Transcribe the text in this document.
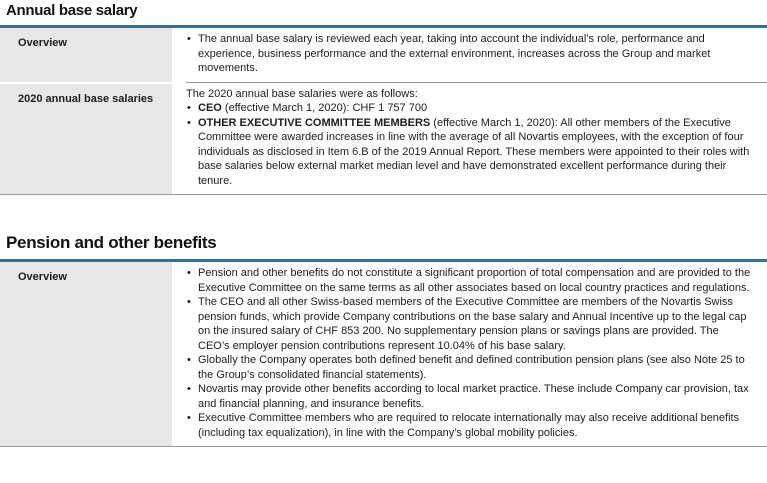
Annual base salary
Overview	• The annual base salary is reviewed each year, taking into account the individual’s role, performance and experience, business performance and the external environment, increases across the Group and market movements.
2020 annual base salaries	The 2020 annual base salaries were as follows:

• CEO (effective March 1, 2020): CHF 1 757 700
• OTHER EXECUTIVE COMMITTEE MEMBERS (effective March 1, 2020): All other members of the Executive Committee were awarded increases in line with the average of all Novartis employees, with the exception of four individuals as disclosed in Item 6.B of the 2019 Annual Report. These members were appointed to their roles with base salaries below external market median level and have demonstrated excellent performance during their tenure.
Pension and other benefits
Overview	• Pension and other benefits do not constitute a significant proportion of total compensation and are provided to the Executive Committee on the same terms as all other associates based on local country practices and regulations.
• The CEO and all other Swiss-based members of the Executive Committee are members of the Novartis Swiss pension funds, which provide Company contributions on the base salary and Annual Incentive up to the legal cap on the insured salary of CHF 853 200. No supplementary pension plans or savings plans are provided. The CEO’s employer pension contributions represent 10.04% of his base salary.
• Globally the Company operates both defined benefit and defined contribution pension plans (see also Note 25 to the Group’s consolidated financial statements).
• Novartis may provide other benefits according to local market practice. These include Company car provision, tax and financial planning, and insurance benefits.
• Executive Committee members who are required to relocate internationally may also receive additional benefits (including tax equalization), in line with the Company’s global mobility policies.
